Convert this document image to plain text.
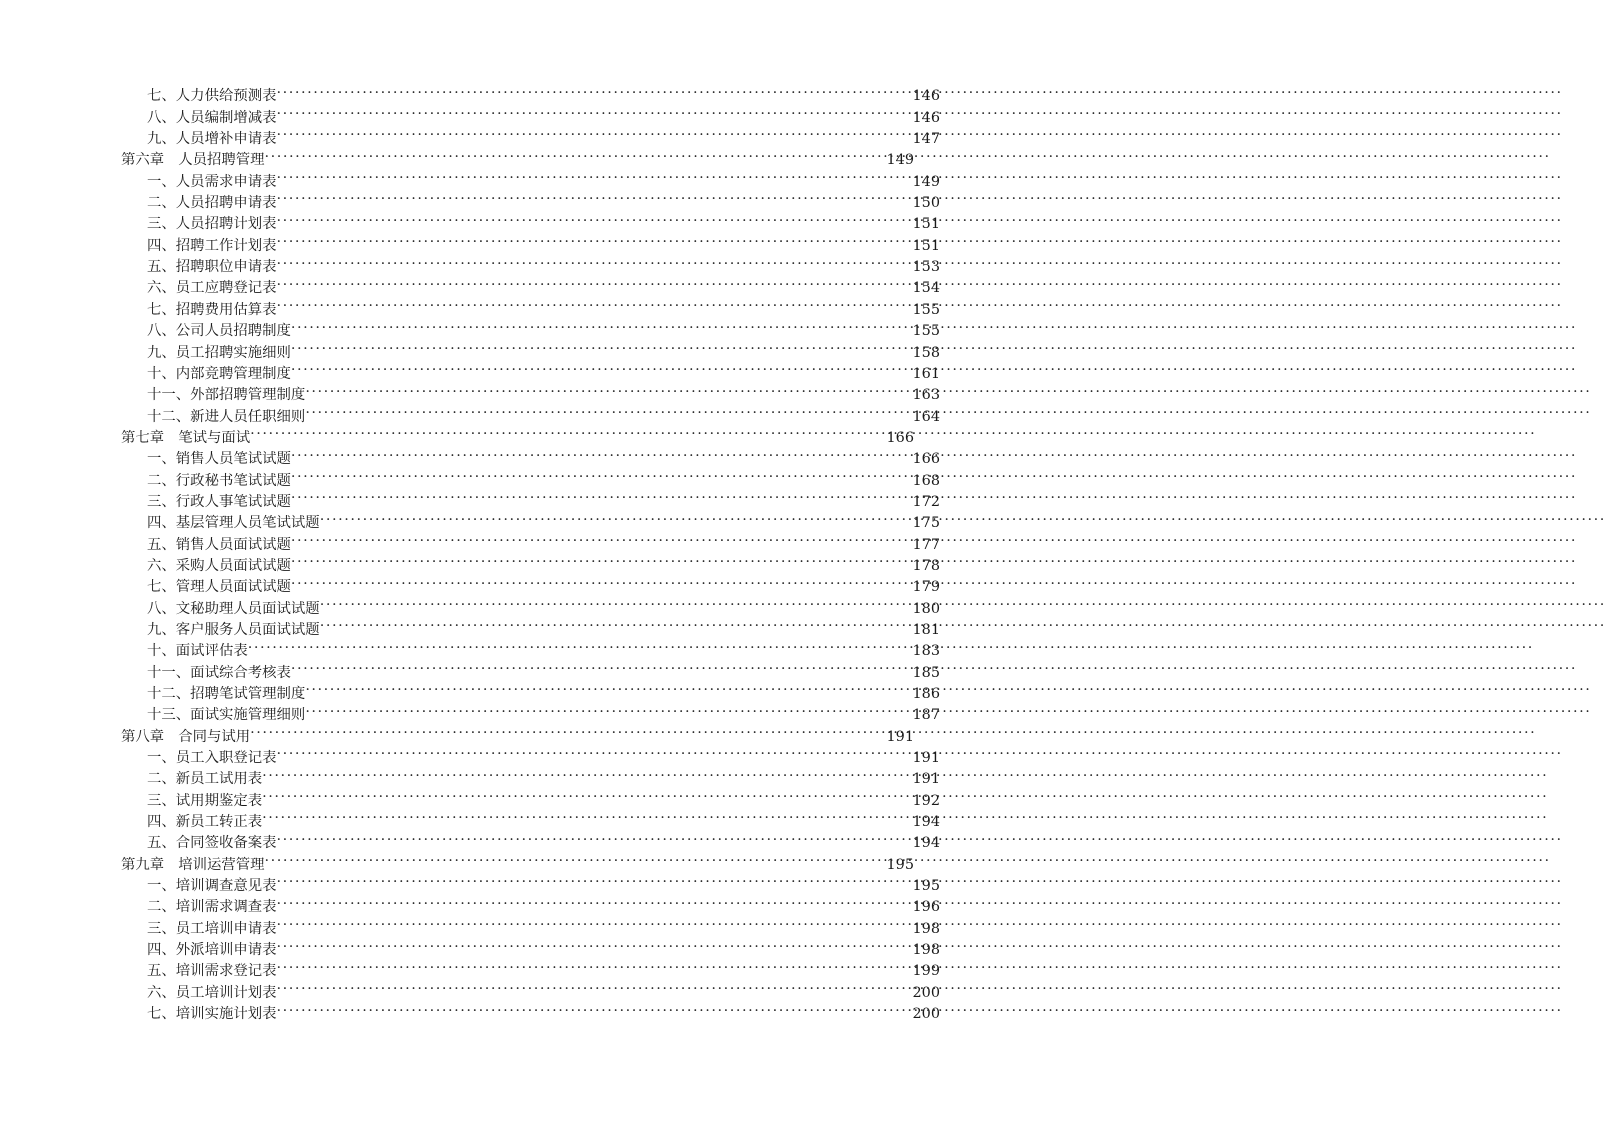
七、人力供给预测表 .....	146
八、人员编制增减表 .....	146
九、人员增补申请表 .....	147
第六章 人员招聘管理 .....	149
一、人员需求申请表 .....	149
二、人员招聘申请表 .....	150
三、人员招聘计划表 .....	151
四、招聘工作计划表 .....	151
五、招聘职位申请表 .....	153
六、员工应聘登记表 .....	154
七、招聘费用估算表 .....	155
八、公司人员招聘制度 .....	155
九、员工招聘实施细则 .....	158
十、内部竞聘管理制度 .....	161
十一、外部招聘管理制度 .....	163
十二、新进人员任职细则 .....	164
第七章 笔试与面试 .....	166
一、销售人员笔试试题 .....	166
二、行政秘书笔试试题 .....	168
三、行政人事笔试试题 .....	172
四、基层管理人员笔试试题 .....	175
五、销售人员面试试题 .....	177
六、采购人员面试试题 .....	178
七、管理人员面试试题 .....	179
八、文秘助理人员面试试题 .....	180
九、客户服务人员面试试题 .....	181
十、面试评估表 .....	183
十一、面试综合考核表 .....	185
十二、招聘笔试管理制度 .....	186
十三、面试实施管理细则 .....	187
第八章 合同与试用 .....	191
一、员工入职登记表 .....	191
二、新员工试用表 .....	191
三、试用期鉴定表 .....	192
四、新员工转正表 .....	194
五、合同签收备案表 .....	194
第九章 培训运营管理 .....	195
一、培训调查意见表 .....	195
二、培训需求调查表 .....	196
三、员工培训申请表 .....	198
四、外派培训申请表 .....	198
五、培训需求登记表 .....	199
六、员工培训计划表 .....	200
七、培训实施计划表 .....	200
